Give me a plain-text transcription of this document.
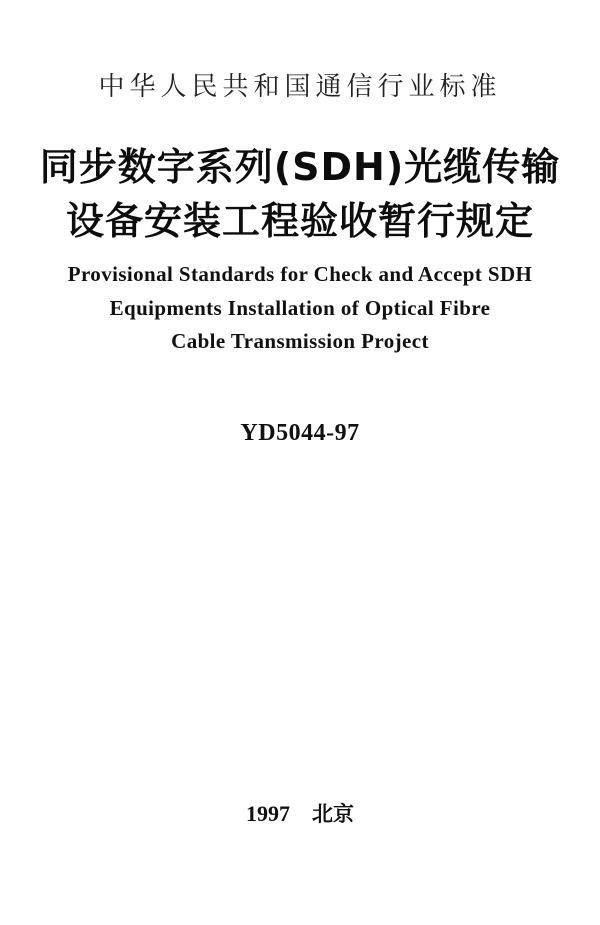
中华人民共和国通信行业标准
同步数字系列(SDH)光缆传输
设备安装工程验收暂行规定
Provisional Standards for Check and Accept SDH
Equipments Installation of Optical Fibre
Cable Transmission Project
YD5044-97
1997 北京
